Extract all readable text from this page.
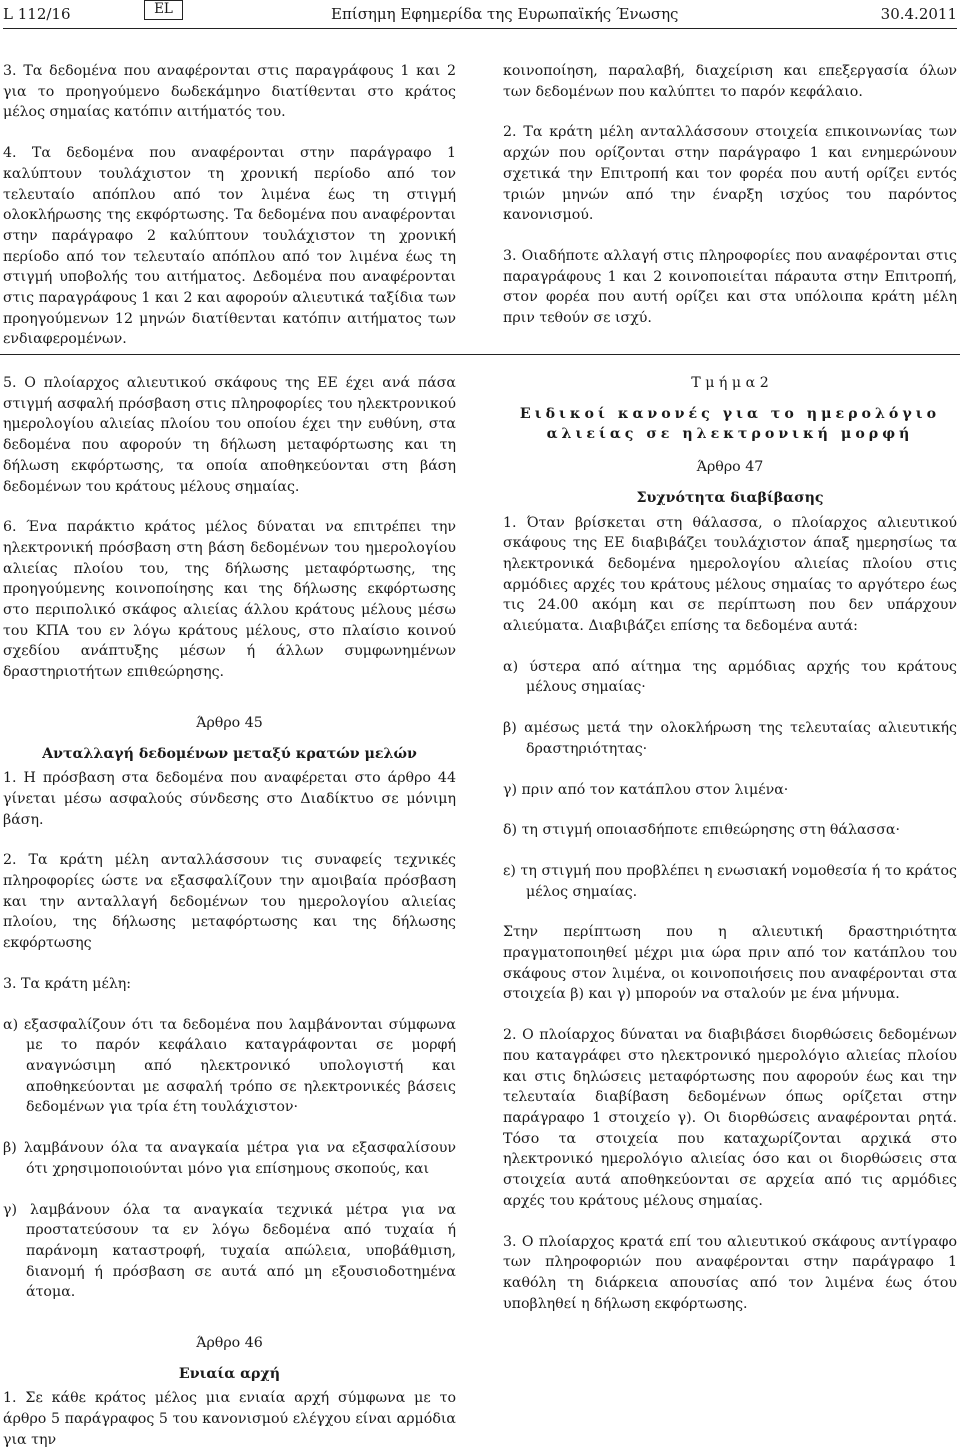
L 112/16	EL	Επίσημη Εφημερίδα της Ευρωπαϊκής Ένωσης	30.4.2011

3. Τα δεδομένα που αναφέρονται στις παραγράφους 1 και 2 για το προηγούμενο δωδεκάμηνο διατίθενται στο κράτος μέλος σημαίας κατόπιν αιτήματός του.

4. Τα δεδομένα που αναφέρονται στην παράγραφο 1 καλύπτουν τουλάχιστον τη χρονική περίοδο από τον τελευταίο απόπλου από τον λιμένα έως τη στιγμή ολοκλήρωσης της εκφόρτωσης. Τα δεδομένα που αναφέρονται στην παράγραφο 2 καλύπτουν τουλάχιστον τη χρονική περίοδο από τον τελευταίο απόπλου από τον λιμένα έως τη στιγμή υποβολής του αιτήματος. Δεδομένα που αναφέρονται στις παραγράφους 1 και 2 και αφορούν αλιευτικά ταξίδια των προηγούμενων 12 μηνών διατίθενται κατόπιν αιτήματος των ενδιαφερομένων.

κοινοποίηση, παραλαβή, διαχείριση και επεξεργασία όλων των δεδομένων που καλύπτει το παρόν κεφάλαιο.

2. Τα κράτη μέλη ανταλλάσσουν στοιχεία επικοινωνίας των αρχών που ορίζονται στην παράγραφο 1 και ενημερώνουν σχετικά την Επιτροπή και τον φορέα που αυτή ορίζει εντός τριών μηνών από την έναρξη ισχύος του παρόντος κανονισμού.

3. Οιαδήποτε αλλαγή στις πληροφορίες που αναφέρονται στις παραγράφους 1 και 2 κοινοποιείται πάραυτα στην Επιτροπή, στον φορέα που αυτή ορίζει και στα υπόλοιπα κράτη μέλη πριν τεθούν σε ισχύ.

5. Ο πλοίαρχος αλιευτικού σκάφους της ΕΕ έχει ανά πάσα στιγμή ασφαλή πρόσβαση στις πληροφορίες του ηλεκτρονικού ημερολογίου αλιείας πλοίου του οποίου έχει την ευθύνη, στα δεδομένα που αφορούν τη δήλωση μεταφόρτωσης και τη δήλωση εκφόρτωσης, τα οποία αποθηκεύονται στη βάση δεδομένων του κράτους μέλους σημαίας.

6. Ένα παράκτιο κράτος μέλος δύναται να επιτρέπει την ηλεκτρονική πρόσβαση στη βάση δεδομένων του ημερολογίου αλιείας πλοίου του, της δήλωσης μεταφόρτωσης, της προηγούμενης κοινοποίησης και της δήλωσης εκφόρτωσης στο περιπολικό σκάφος αλιείας άλλου κράτους μέλους μέσω του ΚΠΑ του εν λόγω κράτους μέλους, στο πλαίσιο κοινού σχεδίου ανάπτυξης μέσων ή άλλων συμφωνημένων δραστηριοτήτων επιθεώρησης.

Άρθρο 45

Ανταλλαγή δεδομένων μεταξύ κρατών μελών

1. Η πρόσβαση στα δεδομένα που αναφέρεται στο άρθρο 44 γίνεται μέσω ασφαλούς σύνδεσης στο Διαδίκτυο σε μόνιμη βάση.

2. Τα κράτη μέλη ανταλλάσσουν τις συναφείς τεχνικές πληροφορίες ώστε να εξασφαλίζουν την αμοιβαία πρόσβαση και την ανταλλαγή δεδομένων του ημερολογίου αλιείας πλοίου, της δήλωσης μεταφόρτωσης και της δήλωσης εκφόρτωσης

3. Τα κράτη μέλη:

α) εξασφαλίζουν ότι τα δεδομένα που λαμβάνονται σύμφωνα με το παρόν κεφάλαιο καταγράφονται σε μορφή αναγνώσιμη από ηλεκτρονικό υπολογιστή και αποθηκεύονται με ασφαλή τρόπο σε ηλεκτρονικές βάσεις δεδομένων για τρία έτη τουλάχιστον·

β) λαμβάνουν όλα τα αναγκαία μέτρα για να εξασφαλίσουν ότι χρησιμοποιούνται μόνο για επίσημους σκοπούς, και

γ) λαμβάνουν όλα τα αναγκαία τεχνικά μέτρα για να προστατεύσουν τα εν λόγω δεδομένα από τυχαία ή παράνομη καταστροφή, τυχαία απώλεια, υποβάθμιση, διανομή ή πρόσβαση σε αυτά από μη εξουσιοδοτημένα άτομα.

Άρθρο 46

Ενιαία αρχή

1. Σε κάθε κράτος μέλος μια ενιαία αρχή σύμφωνα με το άρθρο 5 παράγραφος 5 του κανονισμού ελέγχου είναι αρμόδια για την

Τ μ ή μ α 2

Ειδικοί κανονές για το ημερολόγιο αλιείας σε ηλεκτρονική μορφή

Άρθρο 47

Συχνότητα διαβίβασης

1. Όταν βρίσκεται στη θάλασσα, ο πλοίαρχος αλιευτικού σκάφους της ΕΕ διαβιβάζει τουλάχιστον άπαξ ημερησίως τα ηλεκτρονικά δεδομένα ημερολογίου αλιείας πλοίου στις αρμόδιες αρχές του κράτους μέλους σημαίας το αργότερο έως τις 24.00 ακόμη και σε περίπτωση που δεν υπάρχουν αλιεύματα. Διαβιβάζει επίσης τα δεδομένα αυτά:

α) ύστερα από αίτημα της αρμόδιας αρχής του κράτους μέλους σημαίας·

β) αμέσως μετά την ολοκλήρωση της τελευταίας αλιευτικής δραστηριότητας·

γ) πριν από τον κατάπλου στον λιμένα·

δ) τη στιγμή οποιασδήποτε επιθεώρησης στη θάλασσα·

ε) τη στιγμή που προβλέπει η ενωσιακή νομοθεσία ή το κράτος μέλος σημαίας.

Στην περίπτωση που η αλιευτική δραστηριότητα πραγματοποιηθεί μέχρι μια ώρα πριν από τον κατάπλου του σκάφους στον λιμένα, οι κοινοποιήσεις που αναφέρονται στα στοιχεία β) και γ) μπορούν να σταλούν με ένα μήνυμα.

2. Ο πλοίαρχος δύναται να διαβιβάσει διορθώσεις δεδομένων που καταγράφει στο ηλεκτρονικό ημερολόγιο αλιείας πλοίου και στις δηλώσεις μεταφόρτωσης που αφορούν έως και την τελευταία διαβίβαση δεδομένων όπως ορίζεται στην παράγραφο 1 στοιχείο γ). Οι διορθώσεις αναφέρονται ρητά. Τόσο τα στοιχεία που καταχωρίζονται αρχικά στο ηλεκτρονικό ημερολόγιο αλιείας όσο και οι διορθώσεις στα στοιχεία αυτά αποθηκεύονται σε αρχεία από τις αρμόδιες αρχές του κράτους μέλους σημαίας.

3. Ο πλοίαρχος κρατά επί του αλιευτικού σκάφους αντίγραφο των πληροφοριών που αναφέρονται στην παράγραφο 1 καθόλη τη διάρκεια απουσίας από τον λιμένα έως ότου υποβληθεί η δήλωση εκφόρτωσης.
